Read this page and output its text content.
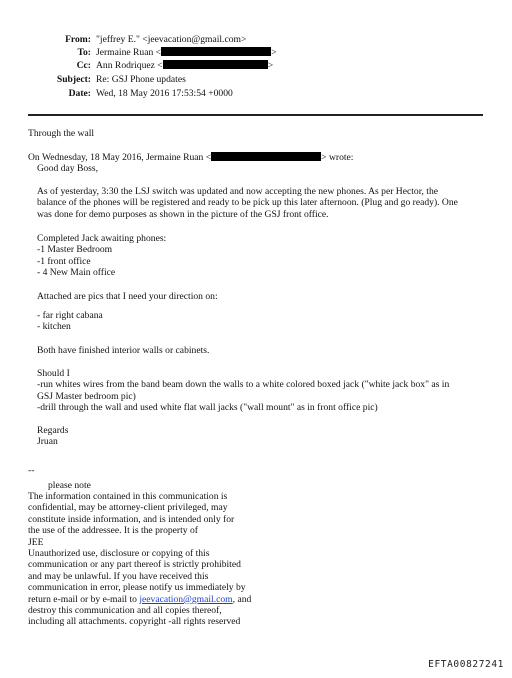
From: "jeffrey E." <jeevacation@gmail.com>
To: Jermaine Ruan <	>
Cc: Ann Rodriquez <	>
Subject: Re: GSJ Phone updates
Date: Wed, 18 May 2016 17:53:54 +0000
Through the wall
On Wednesday, 18 May 2016, Jermaine Ruan <	> wrote:
Good day Boss,
As of yesterday, 3:30 the LSJ switch was updated and now accepting the new phones. As per Hector, the
balance of the phones will be registered and ready to be pick up this later afternoon. (Plug and go ready). One
was done for demo purposes as shown in the picture of the GSJ front office.
Completed Jack awaiting phones:
-1 Master Bedroom
-1 front office
- 4 New Main office
Attached are pics that I need your direction on:
- far right cabana
- kitchen
Both have finished interior walls or cabinets.
Should I
-run whites wires from the band beam down the walls to a white colored boxed jack ("white jack box" as in
GSJ Master bedroom pic)
-drill through the wall and used white flat wall jacks ("wall mount" as in front office pic)
Regards
Jruan
--
please note
The information contained in this communication is
confidential, may be attorney-client privileged, may
constitute inside information, and is intended only for
the use of the addressee. It is the property of
JEE
Unauthorized use, disclosure or copying of this
communication or any part thereof is strictly prohibited
and may be unlawful. If you have received this
communication in error, please notify us immediately by
return e-mail or by e-mail to jeevacation@gmail.com, and
destroy this communication and all copies thereof,
including all attachments. copyright -all rights reserved
EFTA00827241
